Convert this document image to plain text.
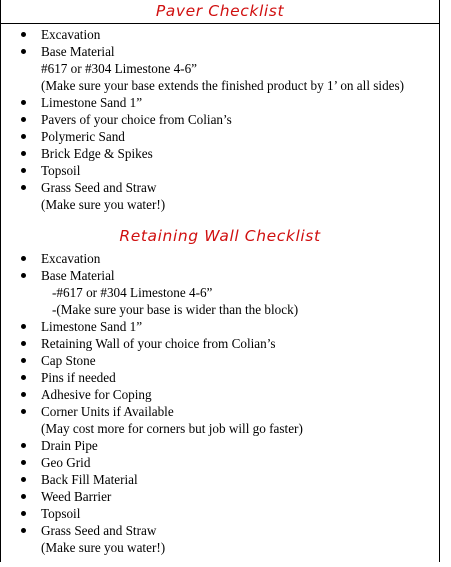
Paver Checklist
Excavation
Base Material
#617 or #304 Limestone 4-6”
(Make sure your base extends the finished product by 1’ on all sides)
Limestone Sand 1”
Pavers of your choice from Colian’s
Polymeric Sand
Brick Edge & Spikes
Topsoil
Grass Seed and Straw
(Make sure you water!)
Retaining Wall Checklist
Excavation
Base Material
-#617 or #304 Limestone 4-6”
-(Make sure your base is wider than the block)
Limestone Sand 1”
Retaining Wall of your choice from Colian’s
Cap Stone
Pins if needed
Adhesive for Coping
Corner Units if Available
(May cost more for corners but job will go faster)
Drain Pipe
Geo Grid
Back Fill Material
Weed Barrier
Topsoil
Grass Seed and Straw
(Make sure you water!)
